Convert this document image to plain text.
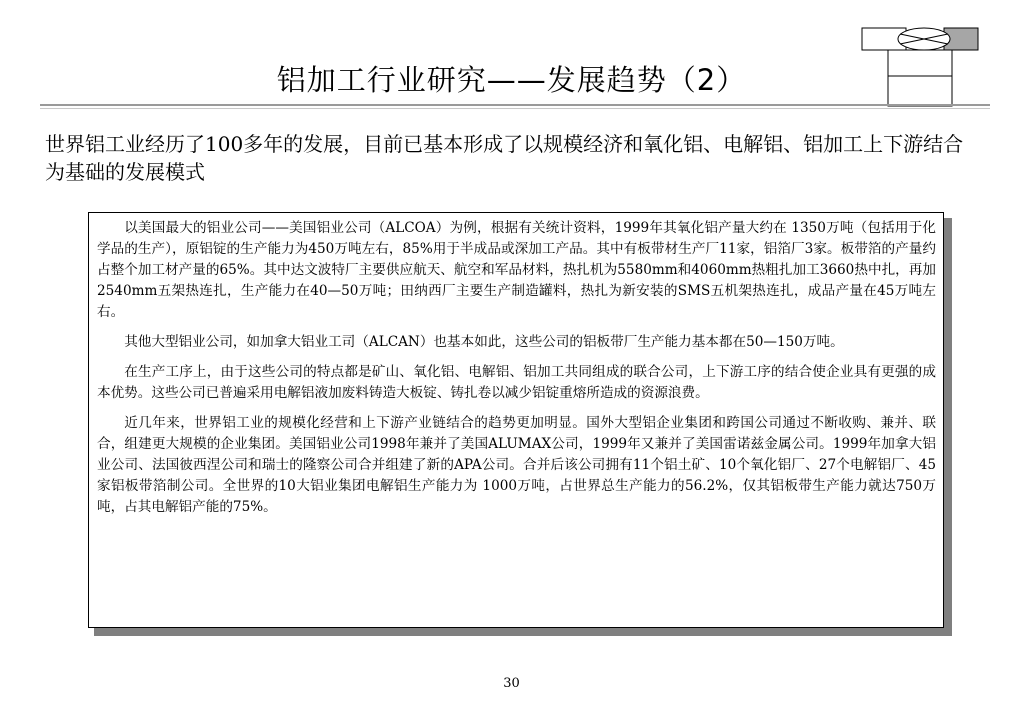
铝加工行业研究——发展趋势（2）
世界铝工业经历了100多年的发展，目前已基本形成了以规模经济和氧化铝、电解铝、铝加工上下游结合为基础的发展模式

以美国最大的铝业公司——美国铝业公司（ALCOA）为例，根据有关统计资料，1999年其氧化铝产量大约在 1350万吨（包括用于化学品的生产），原铝锭的生产能力为450万吨左右，85%用于半成品或深加工产品。其中有板带材生产厂11家，铝箔厂3家。板带箔的产量约占整个加工材产量的65%。其中达文波特厂主要供应航天、航空和军品材料，热扎机为5580mm和4060mm热粗扎加工3660热中扎，再加2540mm五架热连扎，生产能力在40—50万吨；田纳西厂主要生产制造罐料，热扎为新安装的SMS五机架热连扎，成品产量在45万吨左右。

其他大型铝业公司，如加拿大铝业工司（ALCAN）也基本如此，这些公司的铝板带厂生产能力基本都在50—150万吨。

在生产工序上，由于这些公司的特点都是矿山、氧化铝、电解铝、铝加工共同组成的联合公司，上下游工序的结合使企业具有更强的成本优势。这些公司已普遍采用电解铝液加废料铸造大板锭、铸扎卷以减少铝锭重熔所造成的资源浪费。

近几年来，世界铝工业的规模化经营和上下游产业链结合的趋势更加明显。国外大型铝企业集团和跨国公司通过不断收购、兼并、联合，组建更大规模的企业集团。美国铝业公司1998年兼并了美国ALUMAX公司，1999年又兼并了美国雷诺兹金属公司。1999年加拿大铝业公司、法国彼西涅公司和瑞士的隆察公司合并组建了新的APA公司。合并后该公司拥有11个铝土矿、10个氧化铝厂、27个电解铝厂、45家铝板带箔制公司。全世界的10大铝业集团电解铝生产能力为 1000万吨，占世界总生产能力的56.2%，仅其铝板带生产能力就达750万吨，占其电解铝产能的75%。

30
